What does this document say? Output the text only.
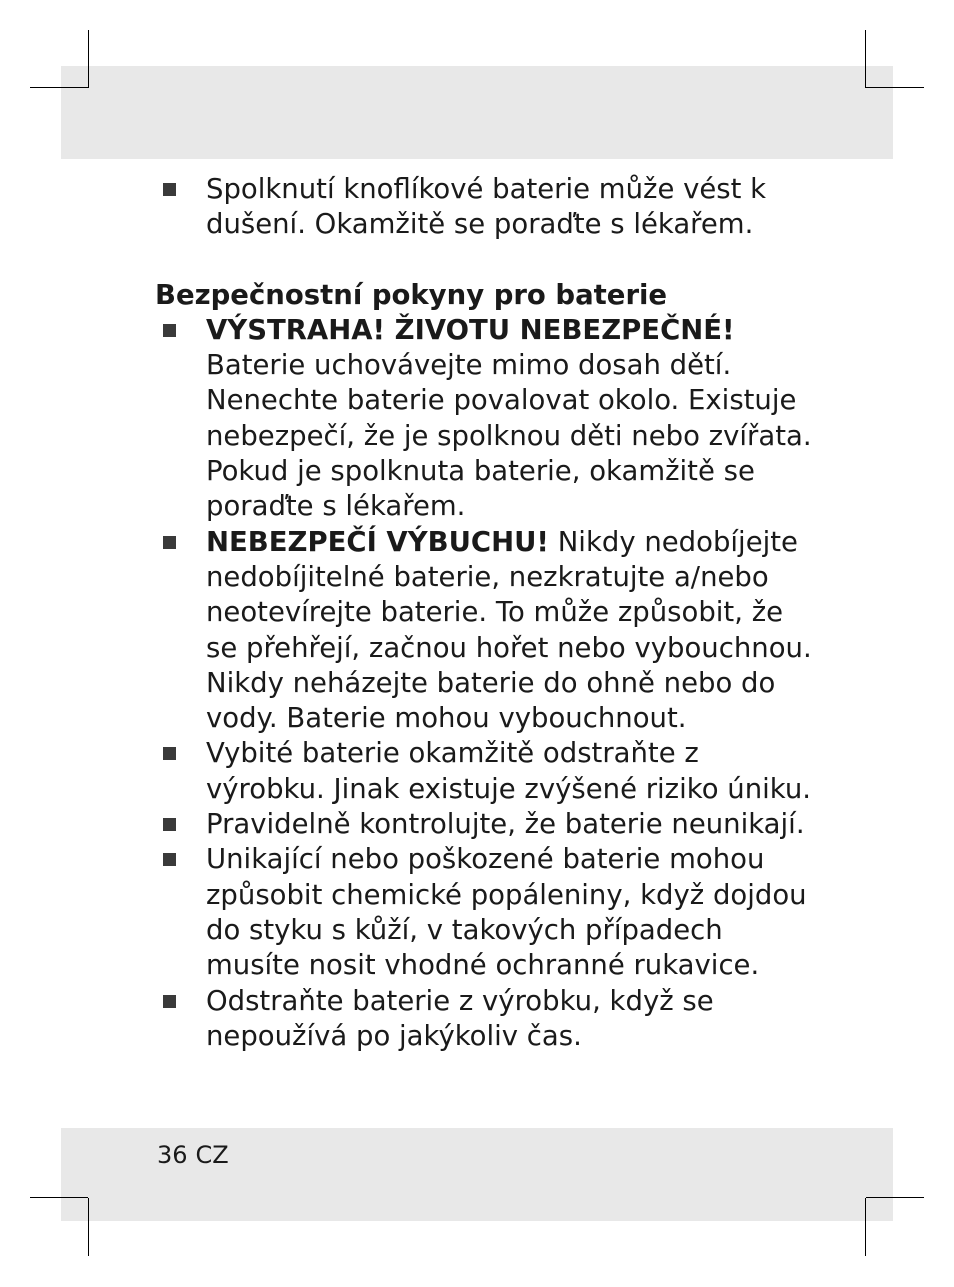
Spolknutí knoflíkové baterie může vést k dušení. Okamžitě se poraďte s lékařem.
Bezpečnostní pokyny pro baterie
VÝSTRAHA! ŽIVOTU NEBEZPEČNÉ! Baterie uchovávejte mimo dosah dětí. Nenechte baterie povalovat okolo. Existuje nebezpečí, že je spolknou děti nebo zvířata. Pokud je spolknuta baterie, okamžitě se poraďte s lékařem.
NEBEZPEČÍ VÝBUCHU! Nikdy nedobíjejte nedobíjitelné baterie, nezkratujte a/nebo neotevírejte baterie. To může způsobit, že se přehřejí, začnou hořet nebo vybouchnou. Nikdy neházejte baterie do ohně nebo do vody. Baterie mohou vybouchnout.
Vybité baterie okamžitě odstraňte z výrobku. Jinak existuje zvýšené riziko úniku.
Pravidelně kontrolujte, že baterie neunikají.
Unikající nebo poškozené baterie mohou způsobit chemické popáleniny, když dojdou do styku s kůží, v takových případech musíte nosit vhodné ochranné rukavice.
Odstraňte baterie z výrobku, když se nepoužívá po jakýkoliv čas.
36 CZ
